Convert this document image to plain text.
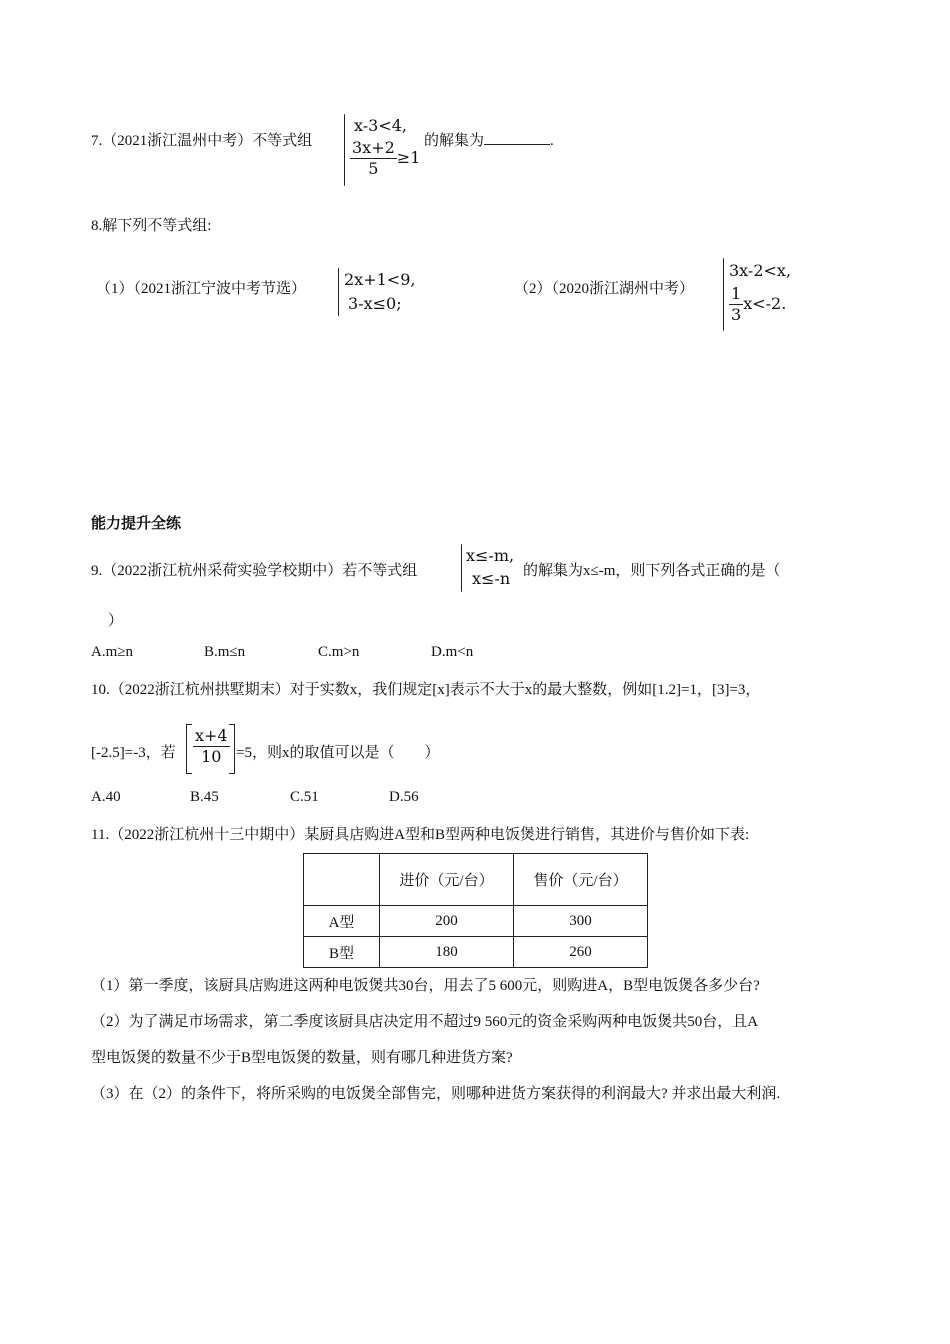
7.（2021浙江温州中考）不等式组
x-3<4,
$\frac{3x+2}{5} \ge 1$
的解集为	.
8.解下列不等式组:
（1）（2021浙江宁波中考节选） 2x+1<9,
3-x≤0;
（2）（2020浙江湖州中考）
3x-2<x,
$\frac{1}{3} x<-2$.
能力提升全练
9.（2022浙江杭州采荷实验学校期中）若不等式组
x≤-m,
x≤-n 的解集为x≤-m，则下列各式正确的是（
）
A.m≥n	B.m≤n	C.m>n	D.m<n
10.（2022浙江杭州拱墅期末）对于实数x，我们规定[x]表示不大于x的最大整数，例如[1.2]=1，[3]=3，
[-2.5]=-3，若 $\frac{x+4}{10} =5$，则x的取值可以是（　　）
A.40	B.45	C.51	D.56
11.（2022浙江杭州十三中期中）某厨具店购进A型和B型两种电饭煲进行销售，其进价与售价如下表:
	进价（元/台）	售价（元/台）
A型	200	300
B型	180	260
（1）第一季度，该厨具店购进这两种电饭煲共30台，用去了5 600元，则购进A，B型电饭煲各多少台?
（2）为了满足市场需求，第二季度该厨具店决定用不超过9 560元的资金采购两种电饭煲共50台，且A
型电饭煲的数量不少于B型电饭煲的数量，则有哪几种进货方案?
（3）在（2）的条件下，将所采购的电饭煲全部售完，则哪种进货方案获得的利润最大? 并求出最大利润.
